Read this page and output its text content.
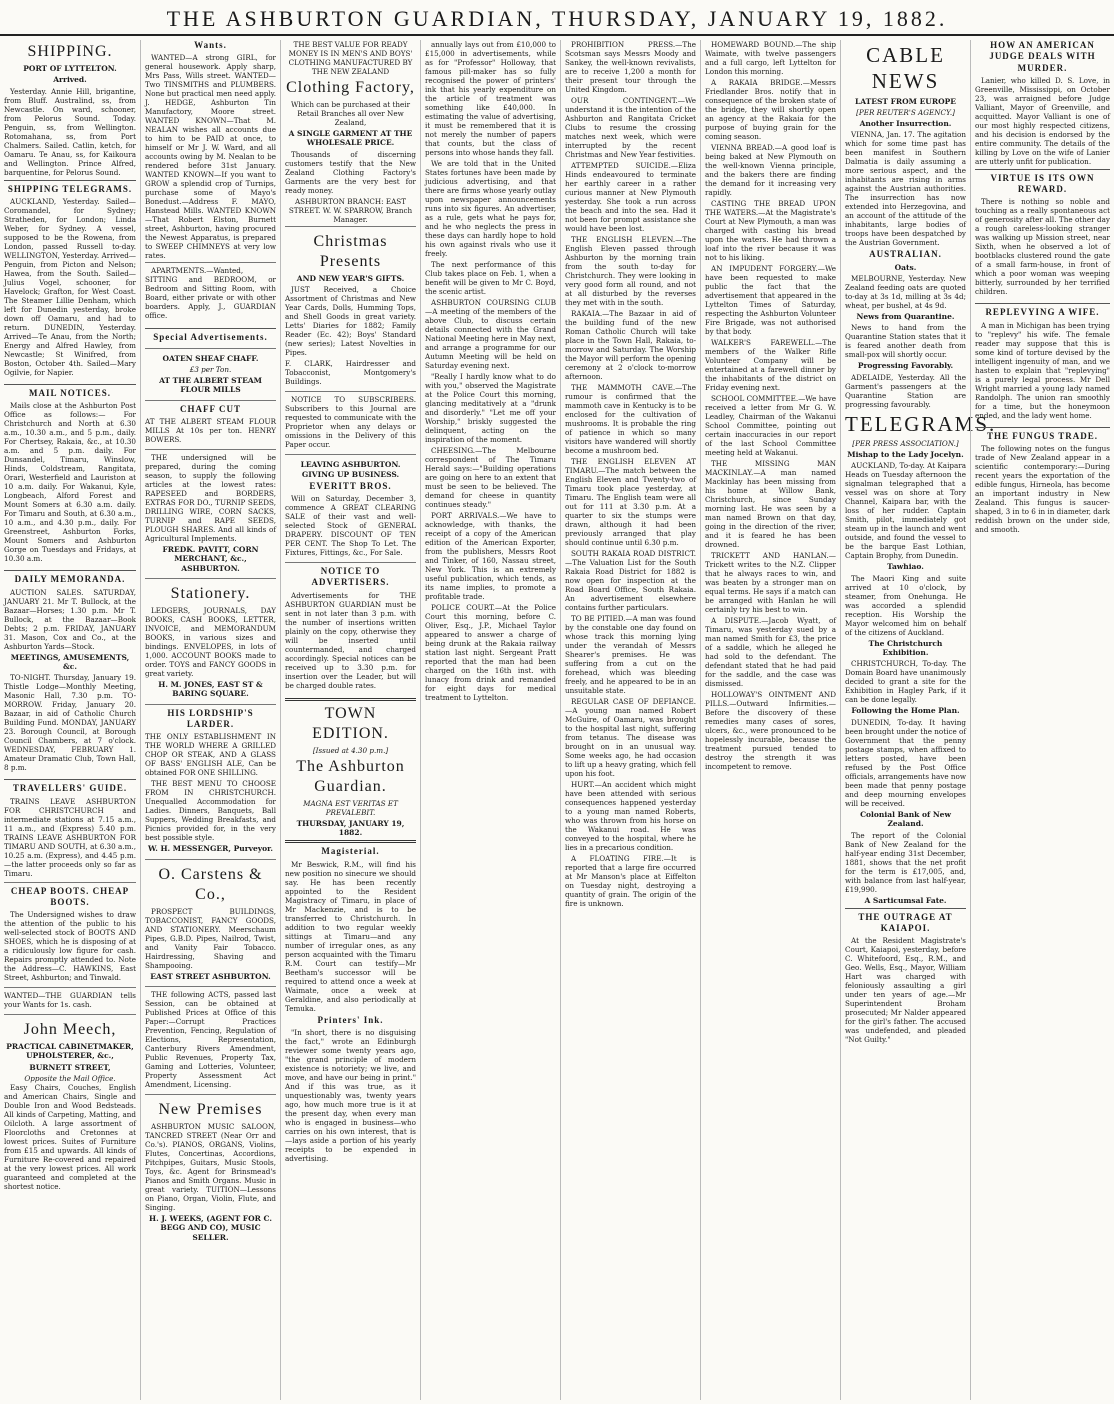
THE ASHBURTON GUARDIAN, THURSDAY, JANUARY 19, 1882.
SHIPPING.
PORT OF LYTTELTON.
Arrived.

Yesterday. Annie Hill, brigantine, from Bluff. Australind, ss, from Newcastle. On ward, schooner, from Pelorus Sound. Today. Penguin, ss, from Wellington. Rotomahana, ss, from Port Chalmers. Sailed. Catlin, ketch, for Oamaru. Te Anau, ss, for Kaikoura and Wellington. Prince Alfred, barquentine, for Pelorus Sound.

SHIPPING TELEGRAMS.

AUCKLAND, Yesterday. Sailed—Coromandel, for Sydney; Stratheden, for London; Linda Weber, for Sydney. A vessel, supposed to be the Rowena, from London, passed Russell to-day. WELLINGTON, Yesterday. Arrived—Penguin, from Picton and Nelson; Hawea, from the South. Sailed—Julius Vogel, schooner, for Havelock; Grafton, for West Coast. The Steamer Lillie Denham, which left for Dunedin yesterday, broke down off Oamaru, and had to return. DUNEDIN, Yesterday. Arrived—Te Anau, from the North; Energy and Alfred Hawley, from Newcastle; St Winifred, from Boston, October 4th. Sailed—Mary Ogilvie, for Napier.

MAIL NOTICES.

Mails close at the Ashburton Post Office as follows:— For Christchurch and North at 6.30 a.m., 10.30 a.m., and 5 p.m., daily. For Chertsey, Rakaia, &c., at 10.30 a.m. and 5 p.m. daily. For Dunsandel, Timaru, Winslow, Hinds, Coldstream, Rangitata, Orari, Westerfield and Lauriston at 10 a.m. daily. For Wakanui, Kyle, Longbeach, Alford Forest and Mount Somers at 6.30 a.m. daily. For Timaru and South, at 6.30 a.m., 10 a.m., and 4.30 p.m., daily. For Greenstreet, Ashburton Forks, Mount Somers and Ashburton Gorge on Tuesdays and Fridays, at 10.30 a.m.

DAILY MEMORANDA.

AUCTION SALES. SATURDAY, JANUARY 21. Mr T. Bullock, at the Bazaar—Horses; 1.30 p.m. Mr T. Bullock, at the Bazaar—Book Debts; 2 p.m. FRIDAY, JANUARY 31. Mason, Cox and Co., at the Ashburton Yards—Stock.

MEETINGS, AMUSEMENTS, &c.

TO-NIGHT. Thursday, January 19. Thistle Lodge—Monthly Meeting, Masonic Hall, 7.30 p.m. TO-MORROW. Friday, January 20. Bazaar, in aid of Catholic Church Building Fund. MONDAY, JANUARY 23. Borough Council, at Borough Council Chambers, at 7 o'clock. WEDNESDAY, FEBRUARY 1. Amateur Dramatic Club, Town Hall, 8 p.m.

TRAVELLERS' GUIDE.

TRAINS LEAVE ASHBURTON FOR CHRISTCHURCH and intermediate stations at 7.15 a.m., 11 a.m., and (Express) 5.40 p.m. TRAINS LEAVE ASHBURTON FOR TIMARU AND SOUTH, at 6.30 a.m., 10.25 a.m. (Express), and 4.45 p.m.—the latter proceeds only so far as Timaru.

CHEAP BOOTS. CHEAP BOOTS.

The Undersigned wishes to draw the attention of the public to his well-selected stock of BOOTS AND SHOES, which he is disposing of at a ridiculously low figure for cash. Repairs promptly attended to. Note the Address—C. HAWKINS, East Street, Ashburton; and Tinwald.

WANTED—THE GUARDIAN tells your Wants for 1s. cash.

John Meech,
PRACTICAL CABINETMAKER, UPHOLSTERER, &c.,
BURNETT STREET,
Opposite the Mail Office.

Easy Chairs, Couches, English and American Chairs, Single and Double Iron and Wood Bedsteads. All kinds of Carpeting, Matting, and Oilcloth. A large assortment of Floorcloths and Cretonnes at lowest prices. Suites of Furniture from £15 and upwards. All kinds of Furniture Re-covered and repaired at the very lowest prices. All work guaranteed and completed at the shortest notice.

Wants.

WANTED—A strong GIRL, for general housework. Apply sharp, Mrs Pass, Wills street. WANTED—Two TINSMITHS and PLUMBERS. None but practical men need apply. J. HEDGE, Ashburton Tin Manufactory, Moore street. WANTED KNOWN—That M. NEALAN wishes all accounts due to him to be PAID at once, to himself or Mr J. W. Ward, and all accounts owing by M. Nealan to be rendered before 31st January. WANTED KNOWN—If you want to GROW a splendid crop of Turnips, purchase some of Mayo's Bonedust.—Address F. MAYO, Hanstead Mills. WANTED KNOWN—That Robert Elston, Burnett street, Ashburton, having procured the Newest Apparatus, is prepared to SWEEP CHIMNEYS at very low rates.

APARTMENTS.—Wanted, SITTING and BEDROOM, or Bedroom and Sitting Room, with Board, either private or with other boarders. Apply, J., GUARDIAN office.

Special Advertisements.
OATEN SHEAF CHAFF.
£3 per Ton.
AT THE ALBERT STEAM FLOUR MILLS
CHAFF CUT

AT THE ALBERT STEAM FLOUR MILLS At 10s per ton. HENRY BOWERS.

THE undersigned will be prepared, during the coming season, to supply the following articles at the lowest rates: RAPESEED and BORDERS, EXTRAS FOR DO., TURNIP SEEDS, DRILLING WIRE, CORN SACKS, TURNIP and RAPE SEEDS, PLOUGH SHARES. And all kinds of Agricultural Implements.

FREDK. PAVITT, CORN MERCHANT, &c., ASHBURTON.
Stationery.

LEDGERS, JOURNALS, DAY BOOKS, CASH BOOKS, LETTER, INVOICE, and MEMORANDUM BOOKS, in various sizes and bindings. ENVELOPES, in lots of 1,000. ACCOUNT BOOKS made to order. TOYS and FANCY GOODS in great variety.

H. M. JONES, EAST ST & BARING SQUARE.
HIS LORDSHIP'S LARDER.

THE ONLY ESTABLISHMENT IN THE WORLD WHERE A GRILLED CHOP OR STEAK, AND A GLASS OF BASS' ENGLISH ALE, Can be obtained FOR ONE SHILLING.

THE BEST MENU TO CHOOSE FROM IN CHRISTCHURCH. Unequalled Accommodation for Ladies. Dinners, Banquets, Ball Suppers, Wedding Breakfasts, and Picnics provided for, in the very best possible style.

W. H. MESSENGER, Purveyor.
O. Carstens & Co.,

PROSPECT BUILDINGS, TOBACCONIST, FANCY GOODS, AND STATIONERY. Meerschaum Pipes, G.B.D. Pipes, Nailrod, Twist, and Vanity Fair Tobacco. Hairdressing, Shaving and Shampooing.

EAST STREET ASHBURTON.

THE following ACTS, passed last Session, can be obtained at Published Prices at Office of this Paper:—Corrupt Practices Prevention, Fencing, Regulation of Elections, Representation, Canterbury Rivers Amendment, Public Revenues, Property Tax, Gaming and Lotteries, Volunteer, Property Assessment Act Amendment, Licensing.

New Premises

ASHBURTON MUSIC SALOON, TANCRED STREET (Near Orr and Co.'s). PIANOS, ORGANS, Violins, Flutes, Concertinas, Accordions, Pitchpipes, Guitars, Music Stools, Toys, &c. Agent for Brinsmead's Pianos and Smith Organs. Music in great variety. TUITION—Lessons on Piano, Organ, Violin, Flute, and Singing.

H. J. WEEKS, (AGENT FOR C. BEGG AND CO), MUSIC SELLER.

THE BEST VALUE FOR READY MONEY IS IN MEN'S AND BOYS' CLOTHING MANUFACTURED BY THE NEW ZEALAND

Clothing Factory,

Which can be purchased at their Retail Branches all over New Zealand,

A SINGLE GARMENT AT THE WHOLESALE PRICE.

Thousands of discerning customers testify that the New Zealand Clothing Factory's Garments are the very best for ready money.

ASHBURTON BRANCH: EAST STREET. W. W. SPARROW, Branch Manager.

Christmas Presents
AND NEW YEAR'S GIFTS.

JUST Received, a Choice Assortment of Christmas and New Year Cards, Dolls, Humming Tops, and Shell Goods in great variety. Letts' Diaries for 1882; Family Reader (Ec. 42); Boys' Standard (new series); Latest Novelties in Pipes.

F. CLARK, Hairdresser and Tobacconist, Montgomery's Buildings.

NOTICE TO SUBSCRIBERS. Subscribers to this Journal are requested to communicate with the Proprietor when any delays or omissions in the Delivery of this Paper occur.

LEAVING ASHBURTON. GIVING UP BUSINESS.
EVERITT BROS.

Will on Saturday, December 3, commence A GREAT CLEARING SALE of their vast and well-selected Stock of GENERAL DRAPERY. DISCOUNT OF TEN PER CENT. The Shop To Let. The Fixtures, Fittings, &c., For Sale.

NOTICE TO ADVERTISERS.

Advertisements for THE ASHBURTON GUARDIAN must be sent in not later than 3 p.m. with the number of insertions written plainly on the copy, otherwise they will be inserted until countermanded, and charged accordingly. Special notices can be received up to 3.30 p.m. for insertion over the Leader, but will be charged double rates.

TOWN EDITION.
[Issued at 4.30 p.m.]
The Ashburton Guardian.
MAGNA EST VERITAS ET PREVALEBIT.
THURSDAY, JANUARY 19, 1882.
Magisterial.

Mr Beswick, R.M., will find his new position no sinecure we should say. He has been recently appointed to the Resident Magistracy of Timaru, in place of Mr Mackenzie, and is to be transferred to Christchurch. In addition to two regular weekly sittings at Timaru—and any number of irregular ones, as any person acquainted with the Timaru R.M. Court can testify—Mr Beetham's successor will be required to attend once a week at Waimate, once a week at Geraldine, and also periodically at Temuka.

Printers' Ink.

"In short, there is no disguising the fact," wrote an Edinburgh reviewer some twenty years ago, "the grand principle of modern existence is notoriety; we live, and move, and have our being in print." And if this was true, as it unquestionably was, twenty years ago, how much more true is it at the present day, when every man who is engaged in business—who carries on his own interest, that is—lays aside a portion of his yearly receipts to be expended in advertising.

annually lays out from £10,000 to £15,000 in advertisements, while as for "Professor" Holloway, that famous pill-maker has so fully recognised the power of printers' ink that his yearly expenditure on the article of treatment was something like £40,000. In estimating the value of advertising, it must be remembered that it is not merely the number of papers that counts, but the class of persons into whose hands they fall.

We are told that in the United States fortunes have been made by judicious advertising, and that there are firms whose yearly outlay upon newspaper announcements runs into six figures. An advertiser, as a rule, gets what he pays for, and he who neglects the press in these days can hardly hope to hold his own against rivals who use it freely.

The next performance of this Club takes place on Feb. 1, when a benefit will be given to Mr C. Boyd, the scenic artist.

ASHBURTON COURSING CLUB—A meeting of the members of the above Club, to discuss certain details connected with the Grand National Meeting here in May next, and arrange a programme for our Autumn Meeting will be held on Saturday evening next.

"Really I hardly know what to do with you," observed the Magistrate at the Police Court this morning, glancing meditatively at a "drunk and disorderly." "Let me off your Worship," briskly suggested the delinquent, acting on the inspiration of the moment.

CHEESING.—The Melbourne correspondent of The Timaru Herald says:—"Building operations are going on here to an extent that must be seen to be believed. The demand for cheese in quantity continues steady."

PORT ARRIVALS.—We have to acknowledge, with thanks, the receipt of a copy of the American edition of the American Exporter, from the publishers, Messrs Root and Tinker, of 160, Nassau street, New York. This is an extremely useful publication, which tends, as its name implies, to promote a profitable trade.

POLICE COURT.—At the Police Court this morning, before C. Oliver, Esq., J.P., Michael Taylor appeared to answer a charge of being drunk at the Rakaia railway station last night. Sergeant Pratt reported that the man had been charged on the 16th inst. with lunacy from drink and remanded for eight days for medical treatment to Lyttelton.

PROHIBITION PRESS.—The Scotsman says Messrs Moody and Sankey, the well-known revivalists, are to receive 1,200 a month for their present tour through the United Kingdom.

OUR CONTINGENT.—We understand it is the intention of the Ashburton and Rangitata Cricket Clubs to resume the crossing matches next week, which were interrupted by the recent Christmas and New Year festivities.

ATTEMPTED SUICIDE.—Eliza Hinds endeavoured to terminate her earthly career in a rather curious manner at New Plymouth yesterday. She took a run across the beach and into the sea. Had it not been for prompt assistance she would have been lost.

THE ENGLISH ELEVEN.—The English Eleven passed through Ashburton by the morning train from the south to-day for Christchurch. They were looking in very good form all round, and not at all disturbed by the reverses they met with in the south.

RAKAIA.—The Bazaar in aid of the building fund of the new Roman Catholic Church will take place in the Town Hall, Rakaia, to-morrow and Saturday. The Worship the Mayor will perform the opening ceremony at 2 o'clock to-morrow afternoon.

THE MAMMOTH CAVE.—The rumour is confirmed that the mammoth cave in Kentucky is to be enclosed for the cultivation of mushrooms. It is probable the ring of patience in which so many visitors have wandered will shortly become a mushroom bed.

THE ENGLISH ELEVEN AT TIMARU.—The match between the English Eleven and Twenty-two of Timaru took place yesterday, at Timaru. The English team were all out for 111 at 3.30 p.m. At a quarter to six the stumps were drawn, although it had been previously arranged that play should continue until 6.30 p.m.

SOUTH RAKAIA ROAD DISTRICT.—The Valuation List for the South Rakaia Road District for 1882 is now open for inspection at the Road Board Office, South Rakaia. An advertisement elsewhere contains further particulars.

TO BE PITIED.—A man was found by the constable one day found on whose track this morning lying under the verandah of Messrs Shearer's premises. He was suffering from a cut on the forehead, which was bleeding freely, and he appeared to be in an unsuitable state.

REGULAR CASE OF DEFIANCE.—A young man named Robert McGuire, of Oamaru, was brought to the hospital last night, suffering from tetanus. The disease was brought on in an unusual way. Some weeks ago, he had occasion to lift up a heavy grating, which fell upon his foot.

HURT.—An accident which might have been attended with serious consequences happened yesterday to a young man named Roberts, who was thrown from his horse on the Wakanui road. He was conveyed to the hospital, where he lies in a precarious condition.

A FLOATING FIRE.—It is reported that a large fire occurred at Mr Manson's place at Eiffelton on Tuesday night, destroying a quantity of grain. The origin of the fire is unknown.

HOMEWARD BOUND.—The ship Waimate, with twelve passengers and a full cargo, left Lyttelton for London this morning.

A RAKAIA BRIDGE.—Messrs Friedlander Bros. notify that in consequence of the broken state of the bridge, they will shortly open an agency at the Rakaia for the purpose of buying grain for the coming season.

VIENNA BREAD.—A good loaf is being baked at New Plymouth on the well-known Vienna principle, and the bakers there are finding the demand for it increasing very rapidly.

CASTING THE BREAD UPON THE WATERS.—At the Magistrate's Court at New Plymouth, a man was charged with casting his bread upon the waters. He had thrown a loaf into the river because it was not to his liking.

AN IMPUDENT FORGERY.—We have been requested to make public the fact that the advertisement that appeared in the Lyttelton Times of Saturday, respecting the Ashburton Volunteer Fire Brigade, was not authorised by that body.

WALKER'S FAREWELL.—The members of the Walker Rifle Volunteer Company will be entertained at a farewell dinner by the inhabitants of the district on Friday evening next.

SCHOOL COMMITTEE.—We have received a letter from Mr G. W. Leadley, Chairman of the Wakanui School Committee, pointing out certain inaccuracies in our report of the last School Committee meeting held at Wakanui.

THE MISSING MAN MACKINLAY.—A man named Mackinlay has been missing from his home at Willow Bank, Christchurch, since Sunday morning last. He was seen by a man named Brown on that day, going in the direction of the river, and it is feared he has been drowned.

TRICKETT AND HANLAN.—Trickett writes to the N.Z. Clipper that he always races to win, and was beaten by a stronger man on equal terms. He says if a match can be arranged with Hanlan he will certainly try his best to win.

A DISPUTE.—Jacob Wyatt, of Timaru, was yesterday sued by a man named Smith for £3, the price of a saddle, which he alleged he had sold to the defendant. The defendant stated that he had paid for the saddle, and the case was dismissed.

HOLLOWAY'S OINTMENT AND PILLS.—Outward Infirmities.—Before the discovery of these remedies many cases of sores, ulcers, &c., were pronounced to be hopelessly incurable, because the treatment pursued tended to destroy the strength it was incompetent to remove.

CABLE NEWS
LATEST FROM EUROPE
[PER REUTER'S AGENCY.]
Another Insurrection.

VIENNA, Jan. 17. The agitation which for some time past has been manifest in Southern Dalmatia is daily assuming a more serious aspect, and the inhabitants are rising in arms against the Austrian authorities. The insurrection has now extended into Herzegovina, and an account of the attitude of the inhabitants, large bodies of troops have been despatched by the Austrian Government.

AUSTRALIAN.
Oats.

MELBOURNE, Yesterday. New Zealand feeding oats are quoted to-day at 3s 1d, milling at 3s 4d; wheat, per bushel, at 4s 9d.

News from Quarantine.

News to hand from the Quarantine Station states that it is feared another death from small-pox will shortly occur.

Progressing Favorably.

ADELAIDE, Yesterday. All the Garment's passengers at the Quarantine Station are progressing favourably.

TELEGRAMS.
[PER PRESS ASSOCIATION.]
Mishap to the Lady Jocelyn.

AUCKLAND, To-day. At Kaipara Heads on Tuesday afternoon the signalman telegraphed that a vessel was on shore at Tory Channel, Kaipara bar, with the loss of her rudder. Captain Smith, pilot, immediately got steam up in the launch and went outside, and found the vessel to be the barque East Lothian, Captain Brophy, from Dunedin.

Tawhiao.

The Maori King and suite arrived at 10 o'clock, by steamer, from Onehunga. He was accorded a splendid reception. His Worship the Mayor welcomed him on behalf of the citizens of Auckland.

The Christchurch Exhibition.

CHRISTCHURCH, To-day. The Domain Board have unanimously decided to grant a site for the Exhibition in Hagley Park, if it can be done legally.

Following the Home Plan.

DUNEDIN, To-day. It having been brought under the notice of Government that the penny postage stamps, when affixed to letters posted, have been refused by the Post Office officials, arrangements have now been made that penny postage and deep mourning envelopes will be received.

Colonial Bank of New Zealand.

The report of the Colonial Bank of New Zealand for the half-year ending 31st December, 1881, shows that the net profit for the term is £17,005, and, with balance from last half-year, £19,990.

A Sarticumsal Fate.
THE OUTRAGE AT KAIAPOI.

At the Resident Magistrate's Court, Kaiapoi, yesterday, before C. Whitefoord, Esq., R.M., and Geo. Wells, Esq., Mayor, William Hart was charged with feloniously assaulting a girl under ten years of age.—Mr Superintendent Broham prosecuted; Mr Nalder appeared for the girl's father. The accused was undefended, and pleaded "Not Guilty."

HOW AN AMERICAN JUDGE DEALS WITH MURDER.

Lanier, who killed D. S. Love, in Greenville, Mississippi, on October 23, was arraigned before Judge Valliant, Mayor of Greenville, and acquitted. Mayor Valliant is one of our most highly respected citizens, and his decision is endorsed by the entire community. The details of the killing by Love on the wife of Lanier are utterly unfit for publication.

VIRTUE IS ITS OWN REWARD.

There is nothing so noble and touching as a really spontaneous act of generosity after all. The other day a rough careless-looking stranger was walking up Mission street, near Sixth, when he observed a lot of bootblacks clustered round the gate of a small farm-house, in front of which a poor woman was weeping bitterly, surrounded by her terrified children.

REPLEVYING A WIFE.

A man in Michigan has been trying to "replevy" his wife. The female reader may suppose that this is some kind of torture devised by the intelligent ingenuity of man, and we hasten to explain that "replevying" is a purely legal process. Mr Dell Wright married a young lady named Randolph. The union ran smoothly for a time, but the honeymoon ended, and the lady went home.

THE FUNGUS TRADE.

The following notes on the fungus trade of New Zealand appear in a scientific contemporary:—During recent years the exportation of the edible fungus, Hirneola, has become an important industry in New Zealand. This fungus is saucer-shaped, 3 in to 6 in in diameter, dark reddish brown on the under side, and smooth.
